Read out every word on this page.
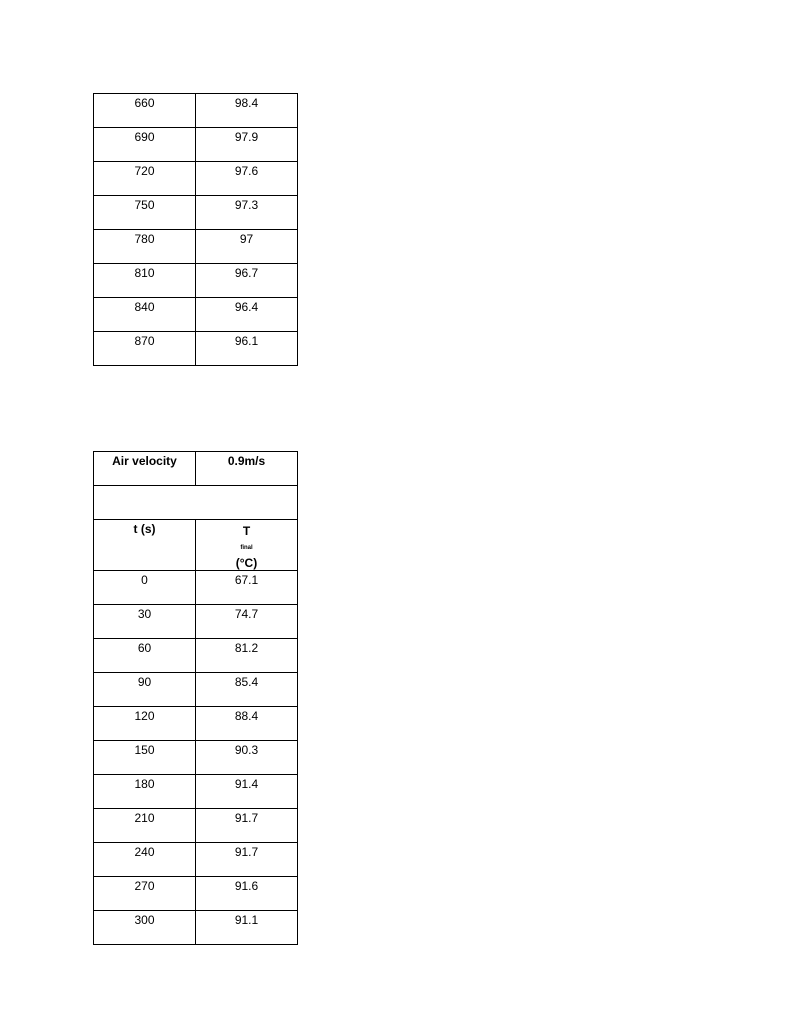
660	98.4

690	97.9

720	97.6

750	97.3

780	97

810	96.7

840	96.4

870	96.1
Air velocity	0.9m/s

t (s)	T
final
(°C)

0	67.1

30	74.7

60	81.2

90	85.4

120	88.4

150	90.3

180	91.4

210	91.7

240	91.7

270	91.6

300	91.1
